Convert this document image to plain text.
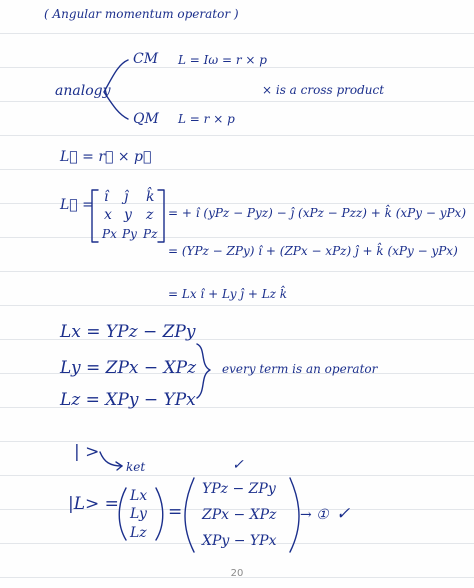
( Angular momentum operator )
analogy
CM L = Iω = r × p
QM L = r × p
× is a cross product
L⃗ = r⃗ × p⃗
L⃗ = î ĵ k̂
x y z
Px Py Pz
= + î (yPz − Pyz) − ĵ (xPz − Pzz) + k̂ (xPy − yPx)
= (YPz − ZPy) î + (ZPx − xPz) ĵ + k̂ (xPy − yPx)
= Lx î + Ly ĵ + Lz k̂
Lx = YPz − ZPy
Ly = ZPx − XPz
Lz = XPy − YPx
every term is an operator
| >
ket	✓
|L> = Lx
Ly
Lz
=
YPz − ZPy
ZPx − XPz
XPy − YPx
→ ① ✓
20
